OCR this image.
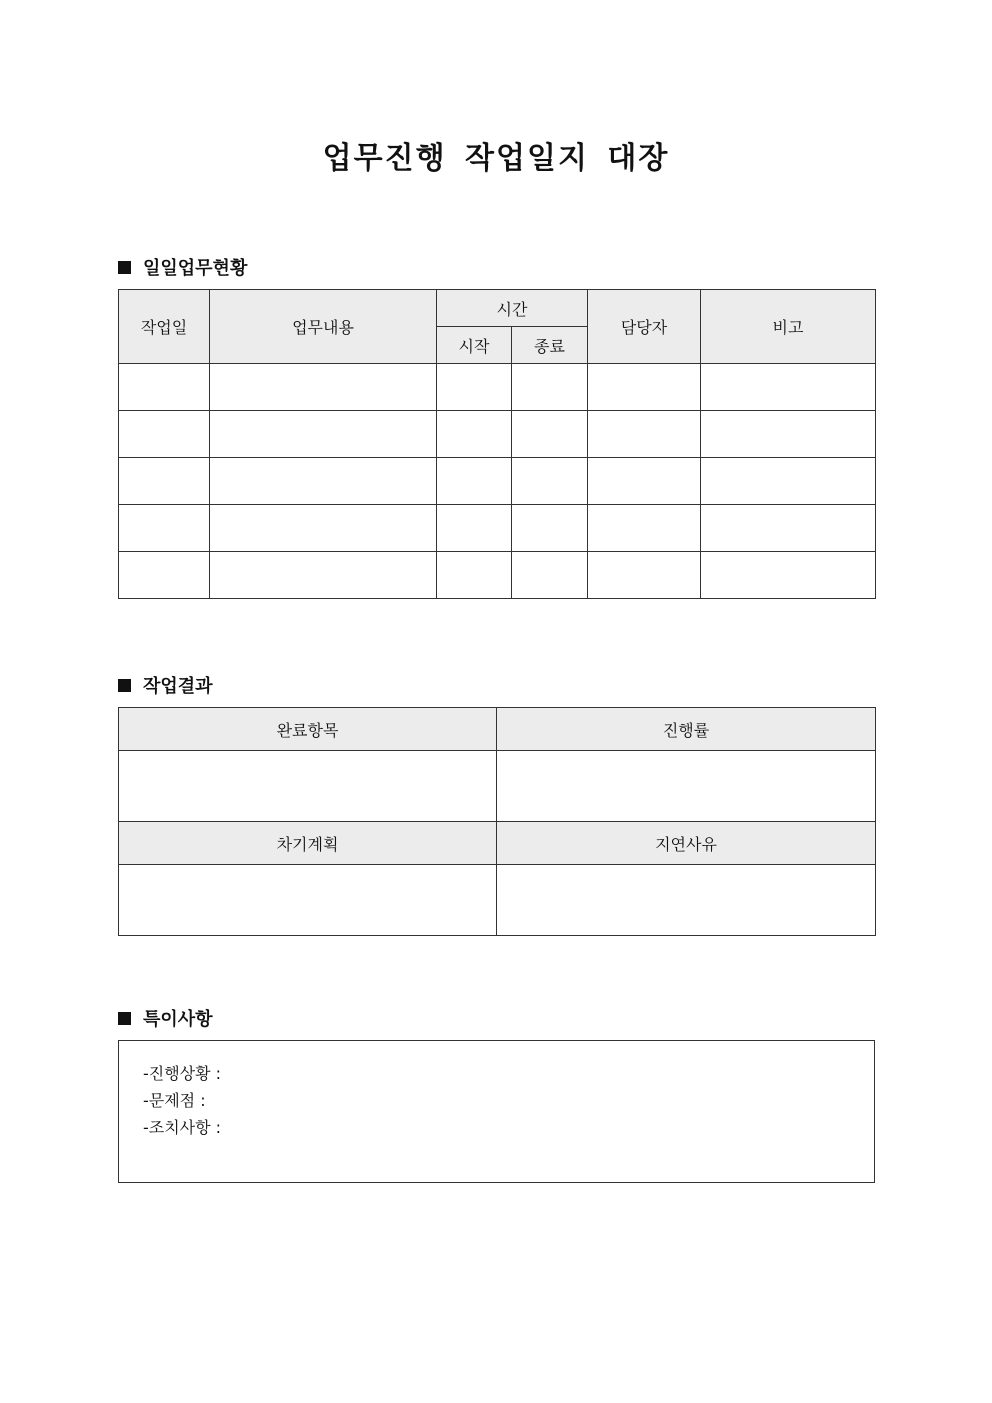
업무진행 작업일지 대장
일일업무현황
작업일	업무내용	시간		담당자	비고
		시작	종료		

작업결과
완료항목	진행률

차기계획	지연사유

특이사항
-진행상황 :
-문제점 :
-조치사항 :
